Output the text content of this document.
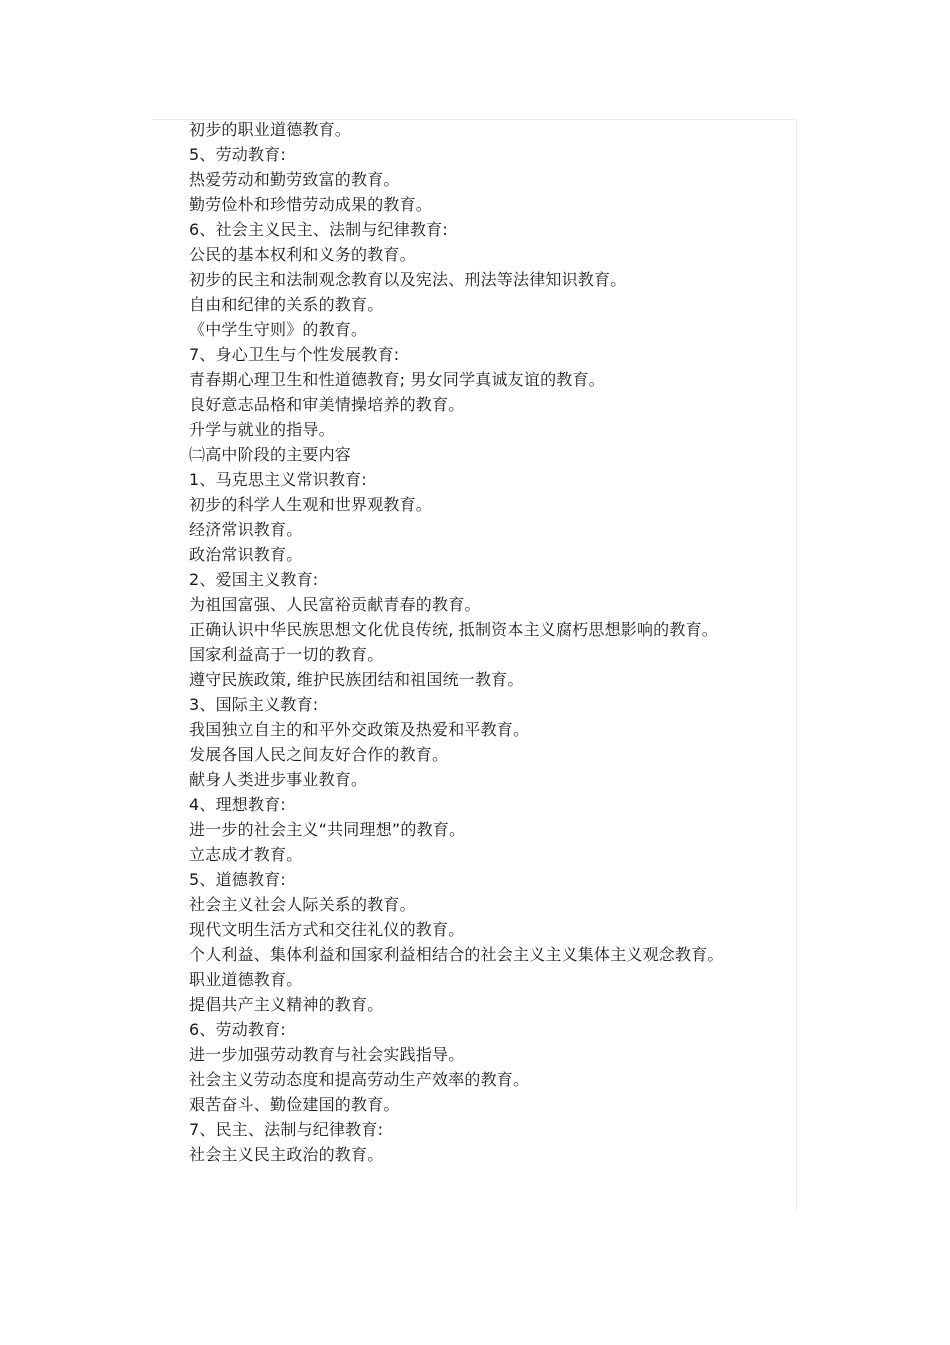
初步的职业道德教育。

5、劳动教育:

热爱劳动和勤劳致富的教育。

勤劳俭朴和珍惜劳动成果的教育。

6、社会主义民主、法制与纪律教育:

公民的基本权利和义务的教育。

初步的民主和法制观念教育以及宪法、刑法等法律知识教育。

自由和纪律的关系的教育。

《中学生守则》的教育。

7、身心卫生与个性发展教育:

青春期心理卫生和性道德教育; 男女同学真诚友谊的教育。

良好意志品格和审美情操培养的教育。

升学与就业的指导。

㈡高中阶段的主要内容

1、马克思主义常识教育:

初步的科学人生观和世界观教育。

经济常识教育。

政治常识教育。

2、爱国主义教育:

为祖国富强、人民富裕贡献青春的教育。

正确认识中华民族思想文化优良传统, 抵制资本主义腐朽思想影响的教育。

国家利益高于一切的教育。

遵守民族政策, 维护民族团结和祖国统一教育。

3、国际主义教育:

我国独立自主的和平外交政策及热爱和平教育。

发展各国人民之间友好合作的教育。

献身人类进步事业教育。

4、理想教育:

进一步的社会主义“共同理想”的教育。

立志成才教育。

5、道德教育:

社会主义社会人际关系的教育。

现代文明生活方式和交往礼仪的教育。

个人利益、集体利益和国家利益相结合的社会主义主义集体主义观念教育。

职业道德教育。

提倡共产主义精神的教育。

6、劳动教育:

进一步加强劳动教育与社会实践指导。

社会主义劳动态度和提高劳动生产效率的教育。

艰苦奋斗、勤俭建国的教育。

7、民主、法制与纪律教育:

社会主义民主政治的教育。
